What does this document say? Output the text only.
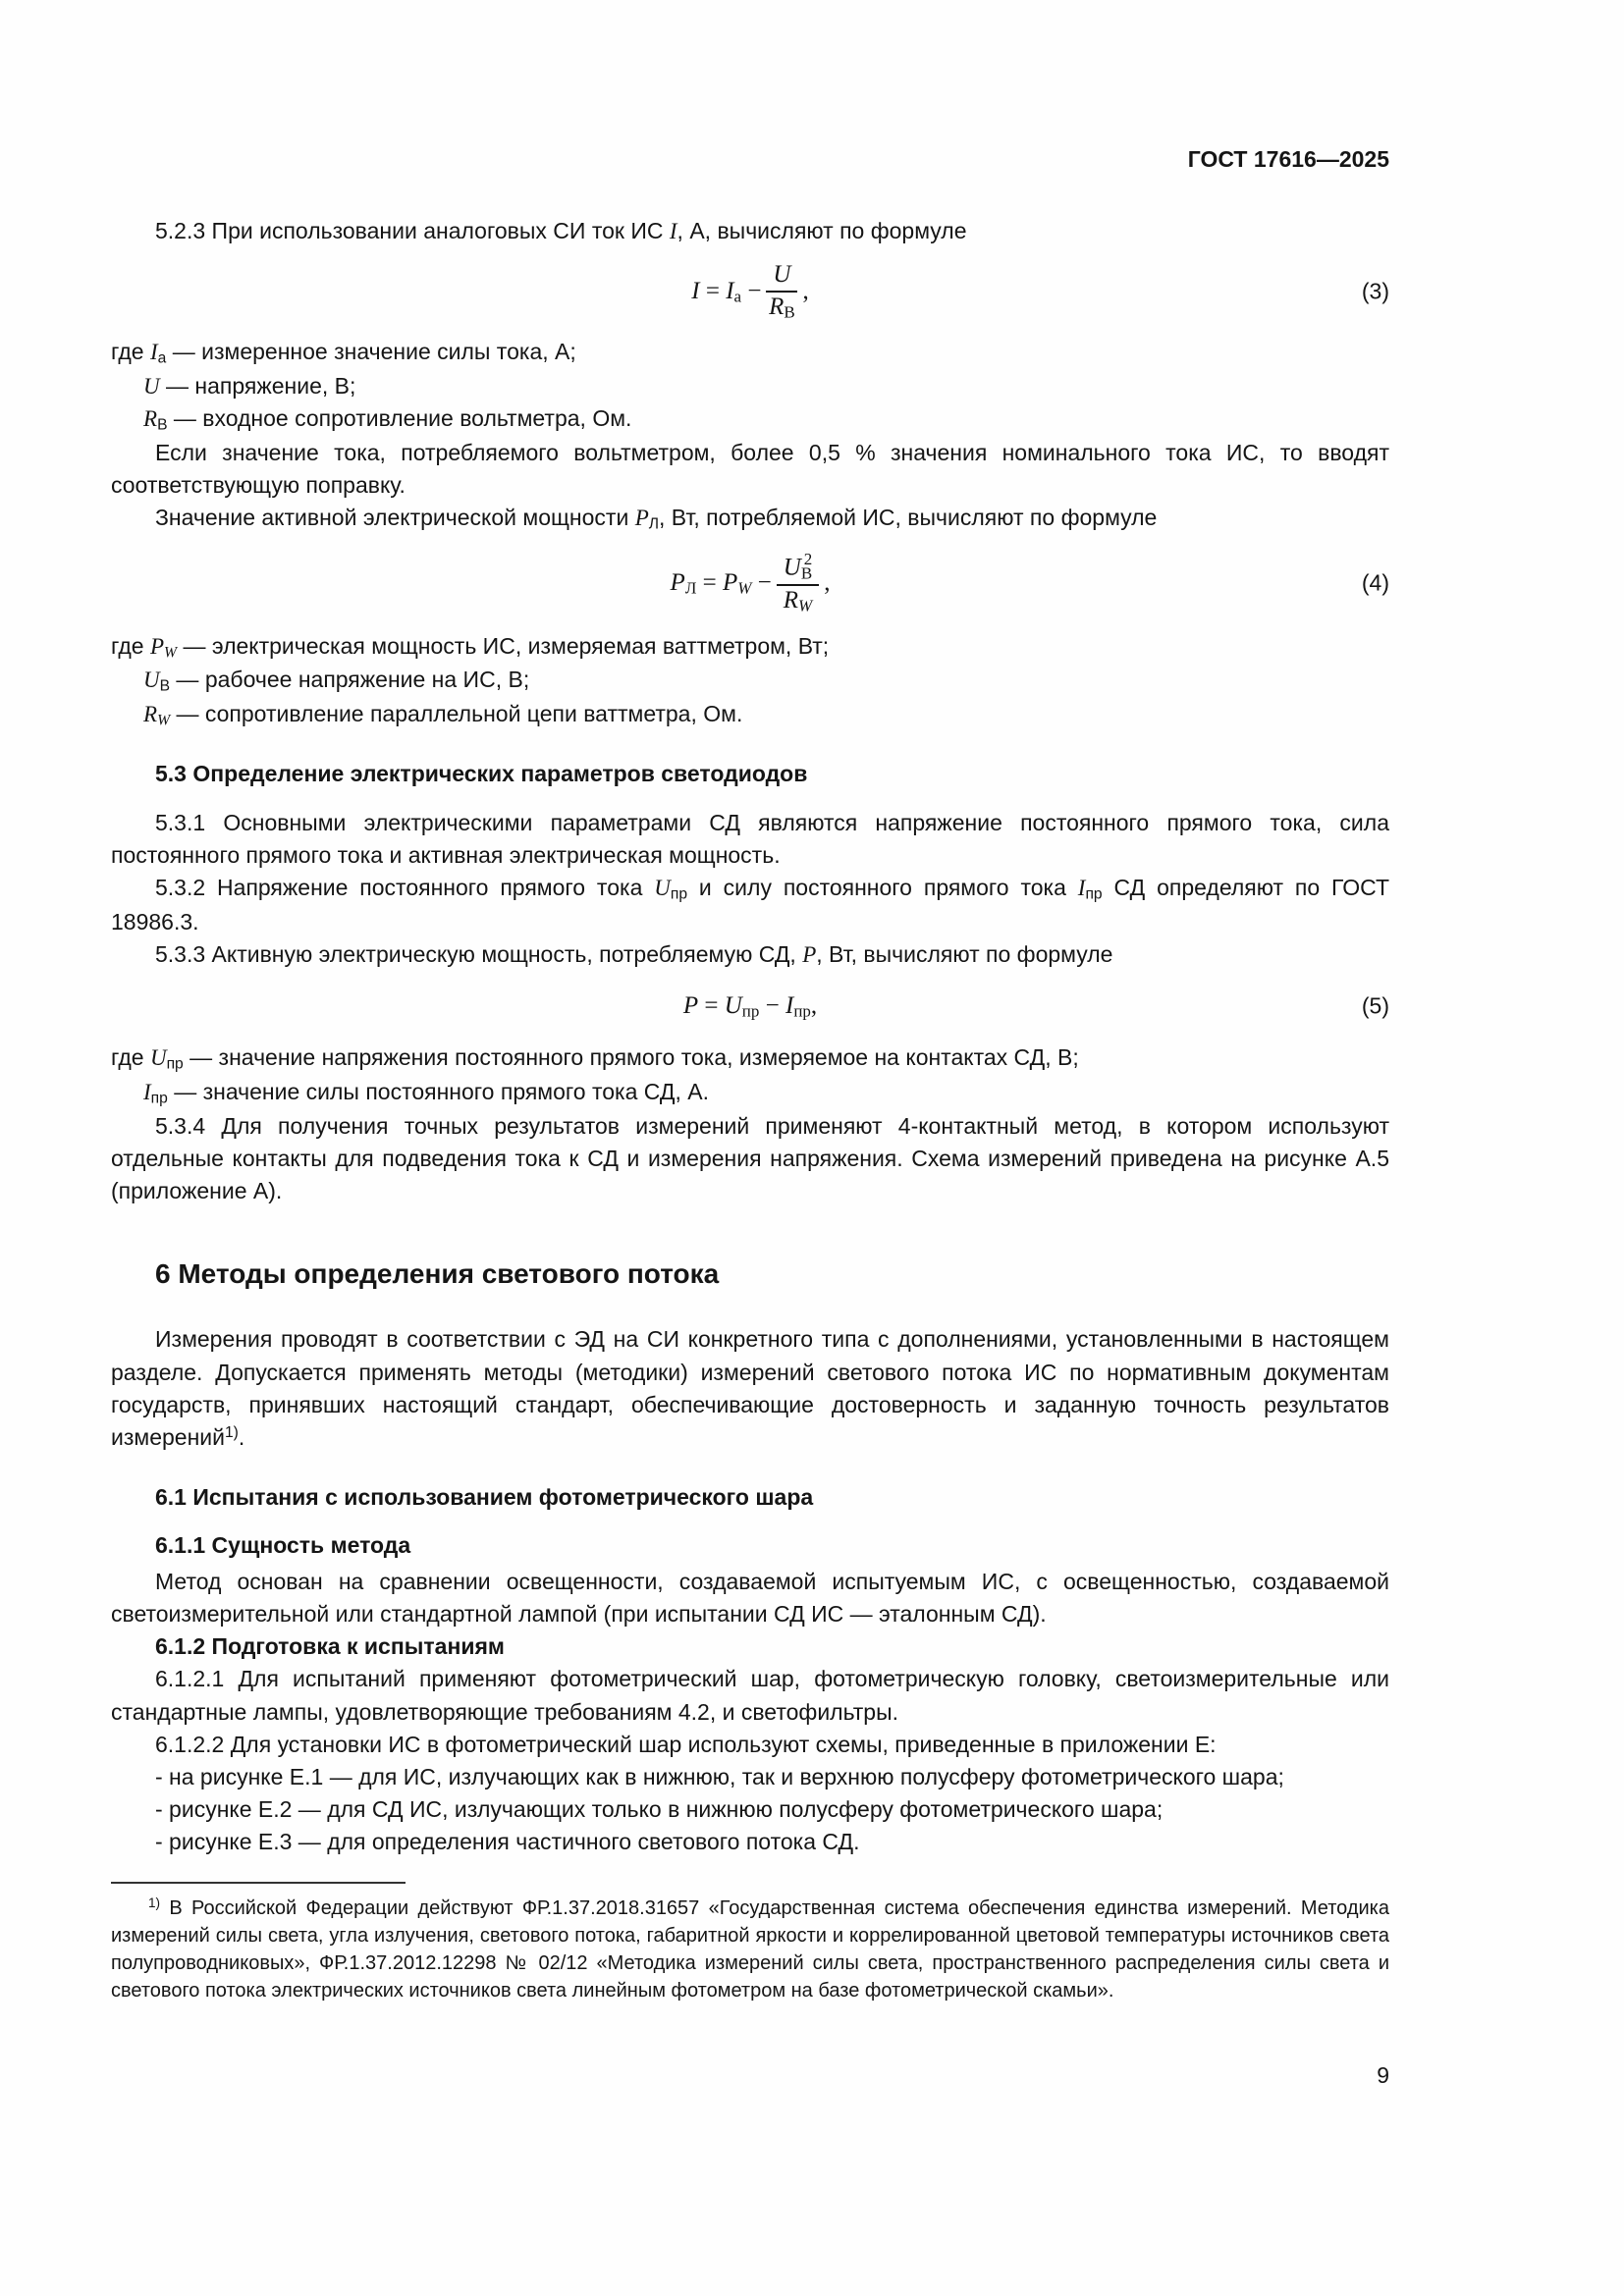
ГОСТ 17616—2025

5.2.3 При использовании аналоговых СИ ток ИС I, А, вычисляют по формуле

$I = I_а - \frac{U}{R_В}$ ,	(3)

где $I_а$ — измеренное значение силы тока, А;

U — напряжение, В;

$R_В$ — входное сопротивление вольтметра, Ом.

Если значение тока, потребляемого вольтметром, более 0,5 % значения номинального тока ИС, то вводят соответствующую поправку.

Значение активной электрической мощности $P_Л$, Вт, потребляемой ИС, вычисляют по формуле

$P_Л$ = PW − $\frac{U_В^2}{RW}$ ,	(4)

где PW — электрическая мощность ИС, измеряемая ваттметром, Вт;

$U_В$ — рабочее напряжение на ИС, В;

RW — сопротивление параллельной цепи ваттметра, Ом.

5.3 Определение электрических параметров светодиодов

5.3.1 Основными электрическими параметрами СД являются напряжение постоянного прямого тока, сила постоянного прямого тока и активная электрическая мощность.

5.3.2 Напряжение постоянного прямого тока $U_{пр}$ и силу постоянного прямого тока $I_{пр}$ СД определяют по ГОСТ 18986.3.

5.3.3 Активную электрическую мощность, потребляемую СД, P, Вт, вычисляют по формуле

$P = U_{пр} - I_{пр}$,	(5)

где $U_{пр}$ — значение напряжения постоянного прямого тока, измеряемое на контактах СД, В;

$I_{пр}$ — значение силы постоянного прямого тока СД, А.

5.3.4 Для получения точных результатов измерений применяют 4-контактный метод, в котором используют отдельные контакты для подведения тока к СД и измерения напряжения. Схема измерений приведена на рисунке А.5 (приложение А).

6 Методы определения светового потока

Измерения проводят в соответствии с ЭД на СИ конкретного типа с дополнениями, установленными в настоящем разделе. Допускается применять методы (методики) измерений светового потока ИС по нормативным документам государств, принявших настоящий стандарт, обеспечивающие достоверность и заданную точность результатов измерений$^{1)}$.

6.1 Испытания с использованием фотометрического шара

6.1.1 Сущность метода

Метод основан на сравнении освещенности, создаваемой испытуемым ИС, с освещенностью, создаваемой светоизмерительной или стандартной лампой (при испытании СД ИС — эталонным СД).

6.1.2 Подготовка к испытаниям

6.1.2.1 Для испытаний применяют фотометрический шар, фотометрическую головку, светоизмерительные или стандартные лампы, удовлетворяющие требованиям 4.2, и светофильтры.

6.1.2.2 Для установки ИС в фотометрический шар используют схемы, приведенные в приложении Е:

- на рисунке Е.1 — для ИС, излучающих как в нижнюю, так и верхнюю полусферу фотометрического шара;

- рисунке Е.2 — для СД ИС, излучающих только в нижнюю полусферу фотометрического шара;

- рисунке Е.3 — для определения частичного светового потока СД.

$^{1)}$ В Российской Федерации действуют ФР.1.37.2018.31657 «Государственная система обеспечения единства измерений. Методика измерений силы света, угла излучения, светового потока, габаритной яркости и коррелированной цветовой температуры источников света полупроводниковых», ФР.1.37.2012.12298 № 02/12 «Методика измерений силы света, пространственного распределения силы света и светового потока электрических источников света линейным фотометром на базе фотометрической скамьи».

9
